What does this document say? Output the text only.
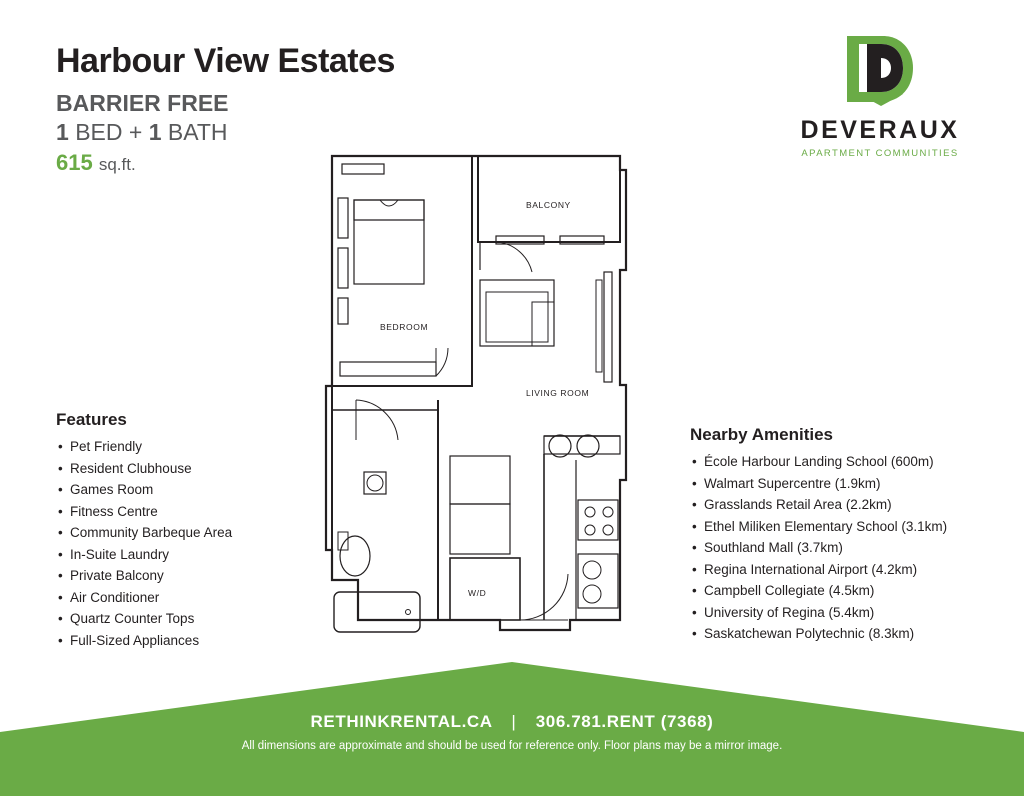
Harbour View Estates
BARRIER FREE
1 BED + 1 BATH
615 sq.ft.
DEVERAUX
APARTMENT COMMUNITIES
BALCONY
BEDROOM
LIVING ROOM
W/D
Features
• Pet Friendly
• Resident Clubhouse
• Games Room
• Fitness Centre
• Community Barbeque Area
• In-Suite Laundry
• Private Balcony
• Air Conditioner
• Quartz Counter Tops
• Full-Sized Appliances
Nearby Amenities
• École Harbour Landing School (600m)
• Walmart Supercentre (1.9km)
• Grasslands Retail Area (2.2km)
• Ethel Miliken Elementary School (3.1km)
• Southland Mall (3.7km)
• Regina International Airport (4.2km)
• Campbell Collegiate (4.5km)
• University of Regina (5.4km)
• Saskatchewan Polytechnic (8.3km)
RETHINKRENTAL.CA | 306.781.RENT (7368)
All dimensions are approximate and should be used for reference only. Floor plans may be a mirror image.
